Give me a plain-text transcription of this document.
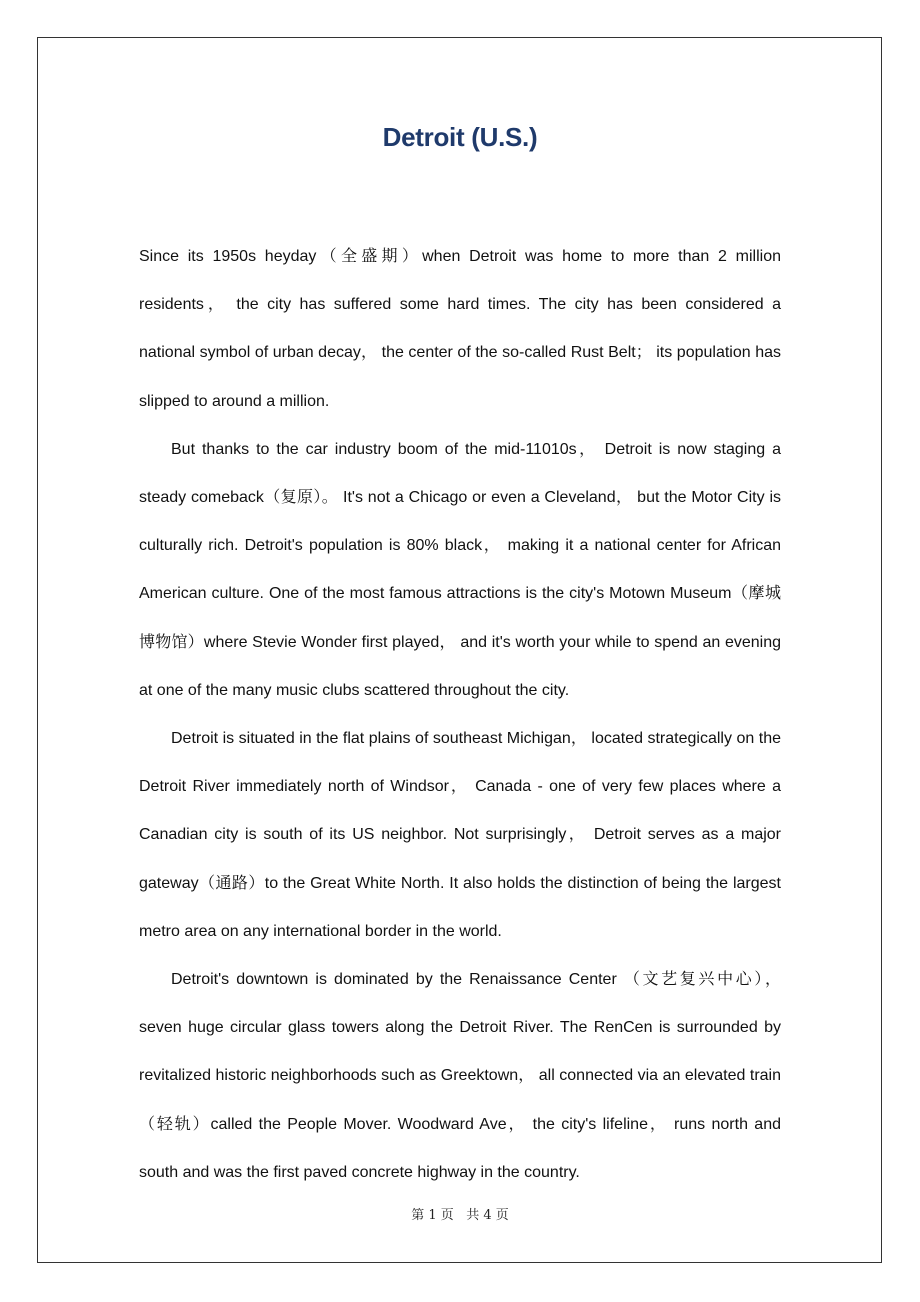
Detroit (U.S.)

Since its 1950s heyday（全盛期）when Detroit was home to more than 2 million residents， the city has suffered some hard times. The city has been considered a national symbol of urban decay， the center of the so-called Rust Belt； its population has slipped to around a million.

But thanks to the car industry boom of the mid-11010s， Detroit is now staging a steady comeback（复原）。 It's not a Chicago or even a Cleveland， but the Motor City is culturally rich. Detroit's population is 80% black， making it a national center for African American culture. One of the most famous attractions is the city's Motown Museum（摩城博物馆）where Stevie Wonder first played， and it's worth your while to spend an evening at one of the many music clubs scattered throughout the city.

Detroit is situated in the flat plains of southeast Michigan， located strategically on the Detroit River immediately north of Windsor， Canada - one of very few places where a Canadian city is south of its US neighbor. Not surprisingly， Detroit serves as a major gateway（通路）to the Great White North. It also holds the distinction of being the largest metro area on any international border in the world.

Detroit's downtown is dominated by the Renaissance Center （文艺复兴中心）， seven huge circular glass towers along the Detroit River. The RenCen is surrounded by revitalized historic neighborhoods such as Greektown， all connected via an elevated train（轻轨）called the People Mover. Woodward Ave， the city's lifeline， runs north and south and was the first paved concrete highway in the country.

第 1 页   共 4 页
